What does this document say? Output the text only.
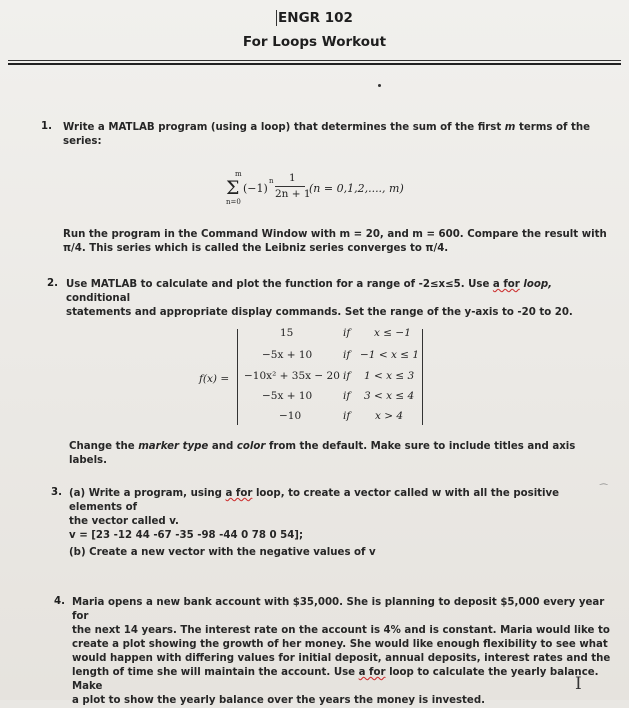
ENGR 102
For Loops Workout
1. Write a MATLAB program (using a loop) that determines the sum of the first m terms of the
series:
m
Σ
n=0
(−1)
n 1
2n + 1
(n = 0,1,2,...., m)
Run the program in the Command Window with m = 20, and m = 600. Compare the result with
π/4. This series which is called the Leibniz series converges to π/4.
2. Use MATLAB to calculate and plot the function for a range of -2≤x≤5. Use a for loop, conditional
statements and appropriate display commands. Set the range of the y-axis to -20 to 20.
f(x) =
15	if x ≤ −1
−5x + 10	if −1 < x ≤ 1
−10x² + 35x − 20 if 1 < x ≤ 3
−5x + 10	if 3 < x ≤ 4
−10	if x > 4
Change the marker type and color from the default. Make sure to include titles and axis labels.
3. (a) Write a program, using a for loop, to create a vector called w with all the positive elements of
the vector called v.
v = [23 -12 44 -67 -35 -98 -44 0 78 0 54];
(b) Create a new vector with the negative values of v
⁀
4. Maria opens a new bank account with $35,000. She is planning to deposit $5,000 every year for
the next 14 years. The interest rate on the account is 4% and is constant. Maria would like to
create a plot showing the growth of her money. She would like enough flexibility to see what
would happen with differing values for initial deposit, annual deposits, interest rates and the
length of time she will maintain the account. Use a for loop to calculate the yearly balance. Make
a plot to show the yearly balance over the years the money is invested.
I
